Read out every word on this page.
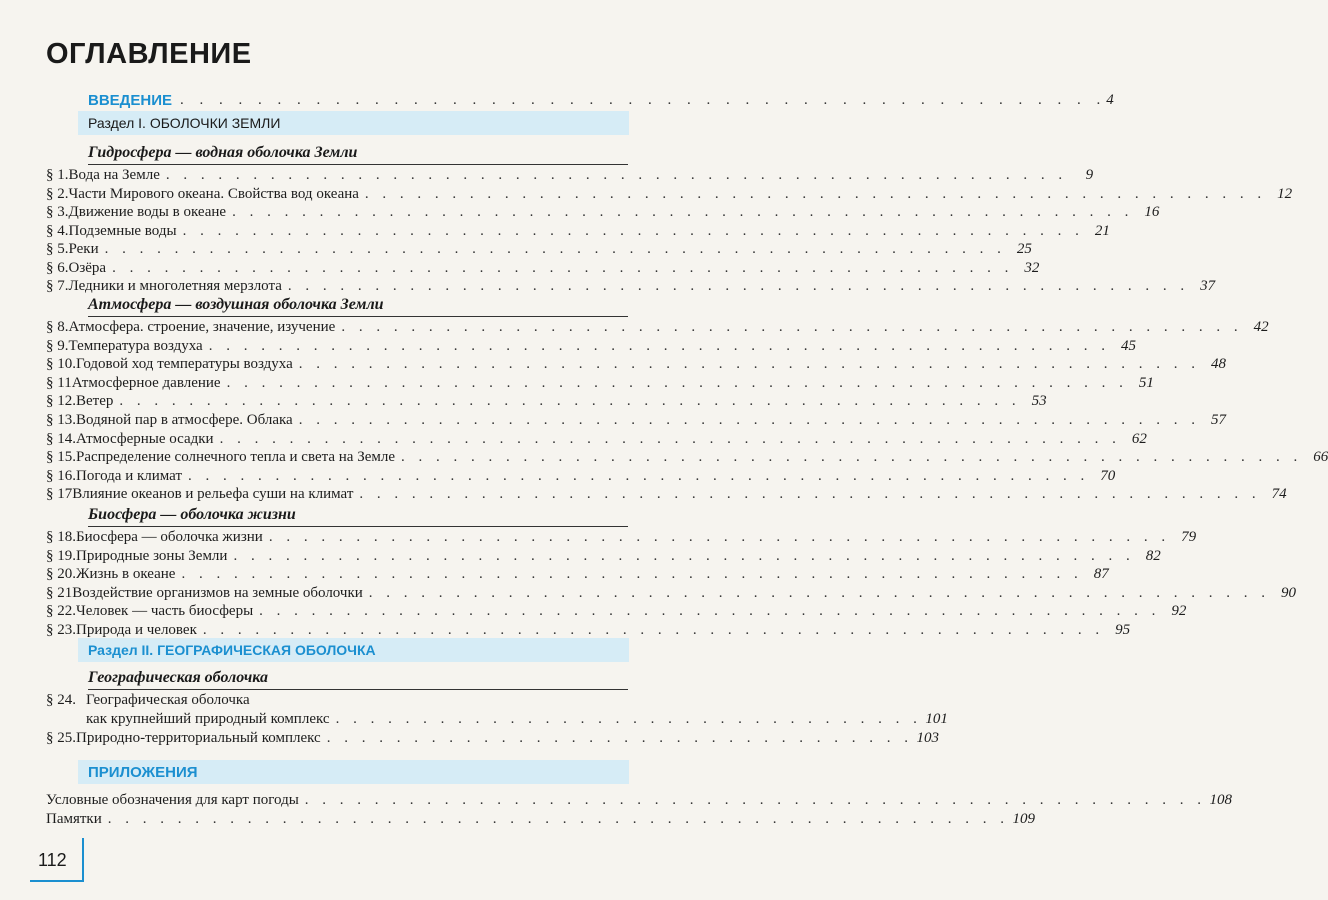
ОГЛАВЛЕНИЕ
ВВЕДЕНИЕ . . . . . . . . . . . . . . . . . . . . . . . . . . . . . . . . . . . . . . . . . . . . . . . . 4
Раздел I. ОБОЛОЧКИ ЗЕМЛИ
Гидросфера — водная оболочка Земли
§ 1. Вода на Земле . . . . . . . . . . . . . . . . . . . . . . . . . . . . . . . . . . . . . . . . . . . . . . . . . . . .	9
§ 2. Части Мирового океана. Свойства вод океана . . . . . . . . . . . . . . . . . . . . . . . . . . . . . . . . . . . . . . . . . . . . . . . . . . . . 12
§ 3. Движение воды в океане . . . . . . . . . . . . . . . . . . . . . . . . . . . . . . . . . . . . . . . . . . . . . . . . . . . . 16
§ 4. Подземные воды . . . . . . . . . . . . . . . . . . . . . . . . . . . . . . . . . . . . . . . . . . . . . . . . . . . . 21
§ 5. Реки . . . . . . . . . . . . . . . . . . . . . . . . . . . . . . . . . . . . . . . . . . . . . . . . . . . . 25
§ 6. Озёра . . . . . . . . . . . . . . . . . . . . . . . . . . . . . . . . . . . . . . . . . . . . . . . . . . . . 32
§ 7. Ледники и многолетняя мерзлота . . . . . . . . . . . . . . . . . . . . . . . . . . . . . . . . . . . . . . . . . . . . . . . . . . . . 37
Атмосфера — воздушная оболочка Земли
§ 8. Атмосфера. строение, значение, изучение . . . . . . . . . . . . . . . . . . . . . . . . . . . . . . . . . . . . . . . . . . . . . . . . . . . . 42
§ 9. Температура воздуха . . . . . . . . . . . . . . . . . . . . . . . . . . . . . . . . . . . . . . . . . . . . . . . . . . . . 45
§ 10. Годовой ход температуры воздуха . . . . . . . . . . . . . . . . . . . . . . . . . . . . . . . . . . . . . . . . . . . . . . . . . . . . 48
§ 11 Атмосферное давление . . . . . . . . . . . . . . . . . . . . . . . . . . . . . . . . . . . . . . . . . . . . . . . . . . . . 51
§ 12. Ветер . . . . . . . . . . . . . . . . . . . . . . . . . . . . . . . . . . . . . . . . . . . . . . . . . . . . 53
§ 13. Водяной пар в атмосфере. Облака . . . . . . . . . . . . . . . . . . . . . . . . . . . . . . . . . . . . . . . . . . . . . . . . . . . . 57
§ 14. Атмосферные осадки . . . . . . . . . . . . . . . . . . . . . . . . . . . . . . . . . . . . . . . . . . . . . . . . . . . . 62
§ 15. Распределение солнечного тепла и света на Земле . . . . . . . . . . . . . . . . . . . . . . . . . . . . . . . . . . . . . . . . . . . . . . . . . . . . 66
§ 16. Погода и климат . . . . . . . . . . . . . . . . . . . . . . . . . . . . . . . . . . . . . . . . . . . . . . . . . . . . 70
§ 17 Влияние океанов и рельефа суши на климат . . . . . . . . . . . . . . . . . . . . . . . . . . . . . . . . . . . . . . . . . . . . . . . . . . . . 74
Биосфера — оболочка жизни
§ 18. Биосфера — оболочка жизни . . . . . . . . . . . . . . . . . . . . . . . . . . . . . . . . . . . . . . . . . . . . . . . . . . . . 79
§ 19. Природные зоны Земли . . . . . . . . . . . . . . . . . . . . . . . . . . . . . . . . . . . . . . . . . . . . . . . . . . . . 82
§ 20. Жизнь в океане . . . . . . . . . . . . . . . . . . . . . . . . . . . . . . . . . . . . . . . . . . . . . . . . . . . . 87
§ 21 Воздействие организмов на земные оболочки . . . . . . . . . . . . . . . . . . . . . . . . . . . . . . . . . . . . . . . . . . . . . . . . . . . . 90
§ 22. Человек — часть биосферы . . . . . . . . . . . . . . . . . . . . . . . . . . . . . . . . . . . . . . . . . . . . . . . . . . . . 92
§ 23. Природа и человек . . . . . . . . . . . . . . . . . . . . . . . . . . . . . . . . . . . . . . . . . . . . . . . . . . . . 95
Раздел II. ГЕОГРАФИЧЕСКАЯ ОБОЛОЧКА
Географическая оболочка
§ 24. Географическая оболочка
как крупнейший природный комплекс . . . . . . . . . . . . . . . . . . . . . . . . . . . . . . . . . . 101
§ 25. Природно-территориальный комплекс . . . . . . . . . . . . . . . . . . . . . . . . . . . . . . . . . . 103
ПРИЛОЖЕНИЯ
Условные обозначения для карт погоды . . . . . . . . . . . . . . . . . . . . . . . . . . . . . . . . . . . . . . . . . . . . . . . . . . . . 108
Памятки . . . . . . . . . . . . . . . . . . . . . . . . . . . . . . . . . . . . . . . . . . . . . . . . . . . . 109
112
